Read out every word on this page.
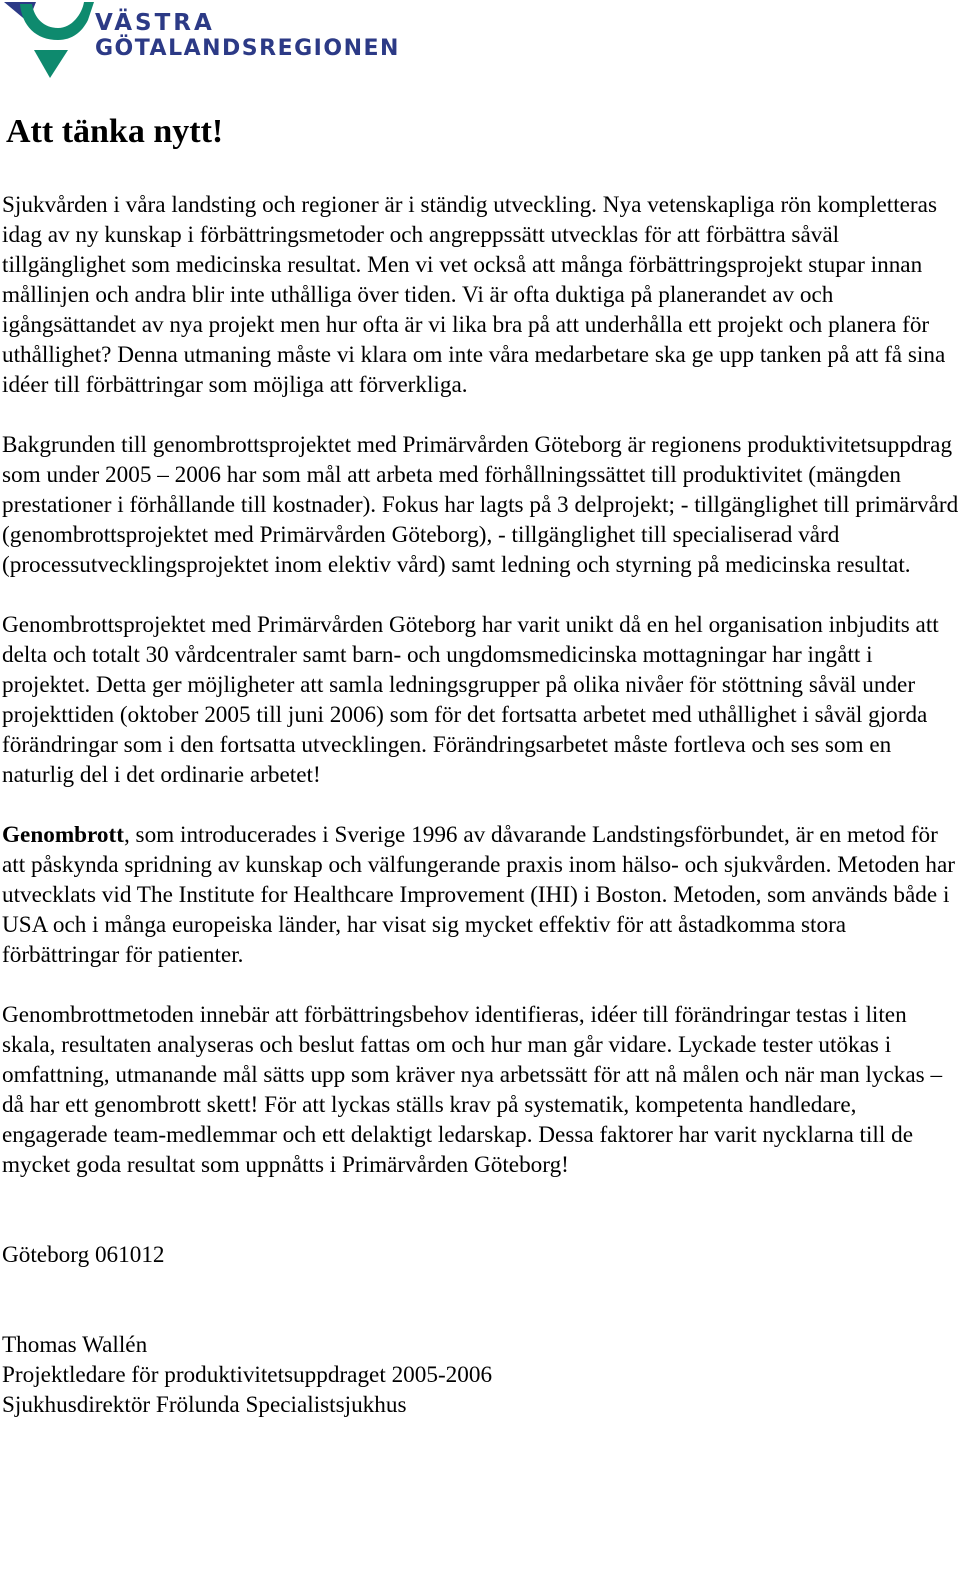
VÄSTRA
GÖTALANDSREGIONEN
Att tänka nytt!

Sjukvården i våra landsting och regioner är i ständig utveckling. Nya vetenskapliga rön kompletteras idag av ny kunskap i förbättringsmetoder och angreppssätt utvecklas för att förbättra såväl tillgänglighet som medicinska resultat. Men vi vet också att många förbättringsprojekt stupar innan mållinjen och andra blir inte uthålliga över tiden. Vi är ofta duktiga på planerandet av och igångsättandet av nya projekt men hur ofta är vi lika bra på att underhålla ett projekt och planera för uthållighet? Denna utmaning måste vi klara om inte våra medarbetare ska ge upp tanken på att få sina idéer till förbättringar som möjliga att förverkliga.

Bakgrunden till genombrottsprojektet med Primärvården Göteborg är regionens produktivitetsuppdrag som under 2005 – 2006 har som mål att arbeta med förhållningssättet till produktivitet (mängden prestationer i förhållande till kostnader). Fokus har lagts på 3 delprojekt; - tillgänglighet till primärvård (genombrottsprojektet med Primärvården Göteborg), - tillgänglighet till specialiserad vård (processutvecklingsprojektet inom elektiv vård) samt ledning och styrning på medicinska resultat.

Genombrottsprojektet med Primärvården Göteborg har varit unikt då en hel organisation inbjudits att delta och totalt 30 vårdcentraler samt barn- och ungdomsmedicinska mottagningar har ingått i projektet. Detta ger möjligheter att samla ledningsgrupper på olika nivåer för stöttning såväl under projekttiden (oktober 2005 till juni 2006) som för det fortsatta arbetet med uthållighet i såväl gjorda förändringar som i den fortsatta utvecklingen. Förändringsarbetet måste fortleva och ses som en naturlig del i det ordinarie arbetet!

Genombrott, som introducerades i Sverige 1996 av dåvarande Landstingsförbundet, är en metod för att påskynda spridning av kunskap och välfungerande praxis inom hälso- och sjukvården. Metoden har utvecklats vid The Institute for Healthcare Improvement (IHI) i Boston. Metoden, som används både i USA och i många europeiska länder, har visat sig mycket effektiv för att åstadkomma stora förbättringar för patienter.

Genombrottmetoden innebär att förbättringsbehov identifieras, idéer till förändringar testas i liten skala, resultaten analyseras och beslut fattas om och hur man går vidare. Lyckade tester utökas i omfattning, utmanande mål sätts upp som kräver nya arbetssätt för att nå målen och när man lyckas – då har ett genombrott skett! För att lyckas ställs krav på systematik, kompetenta handledare, engagerade team-medlemmar och ett delaktigt ledarskap. Dessa faktorer har varit nycklarna till de mycket goda resultat som uppnåtts i Primärvården Göteborg!

Göteborg 061012

Thomas Wallén

Projektledare för produktivitetsuppdraget 2005-2006

Sjukhusdirektör Frölunda Specialistsjukhus
